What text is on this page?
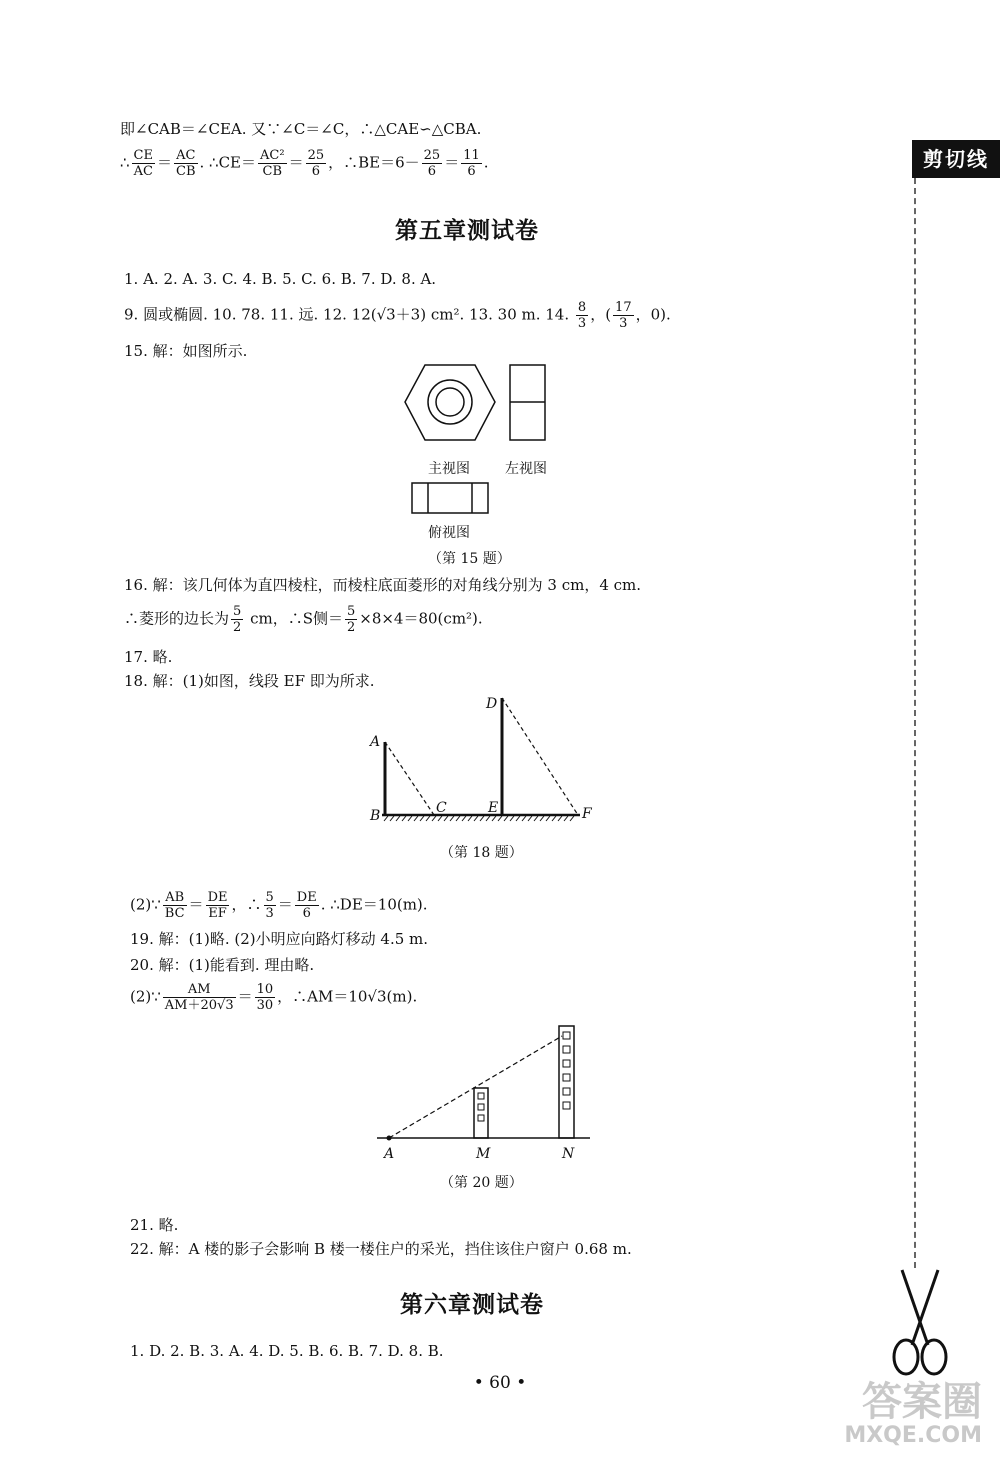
剪切线
即∠CAB＝∠CEA. 又∵∠C＝∠C，∴△CAE∽△CBA.
∴ $\frac{CE}{AC} = \frac{AC}{CB}$ . ∴CE＝ $\frac{\text{AC²}}{CB} = \frac{25}{6}$ ，∴BE＝6－ $\frac{25}{6} = \frac{11}{6}$ .
第五章测试卷
1. A. 2. A. 3. C. 4. B. 5. C. 6. B. 7. D. 8. A.
9. 圆或椭圆. 10. 78. 11. 远. 12. 12(√3＋3) cm². 13. 30 m. 14. $\frac{8}{3}$ ，( $\frac{17}{3}$ ，0).
15. 解：如图所示.
主视图	左视图
俯视图
（第 15 题）
16. 解：该几何体为直四棱柱，而棱柱底面菱形的对角线分别为 3 cm，4 cm.
∴菱形的边长为 $\frac{5}{2}$ cm，∴S侧＝ $\frac{5}{2} \times 8\times 4=80(cm^2)$.
17. 略.
18. 解：(1)如图，线段 EF 即为所求.
A
B	C
D
E	F
（第 18 题）
(2)∵ $\frac{AB}{BC} = \frac{DE}{EF}$ ，∴ $\frac{5}{3} = \frac{DE}{6}$ . ∴DE＝10(m).
19. 解：(1)略. (2)小明应向路灯移动 4.5 m.
20. 解：(1)能看到. 理由略.
(2)∵ $\frac{AM}{AM+20√3} = \frac{10}{30}$ ，∴AM＝10√3(m).
A	M	N
（第 20 题）
21. 略.
22. 解：A 楼的影子会影响 B 楼一楼住户的采光，挡住该住户窗户 0.68 m.
第六章测试卷
1. D. 2. B. 3. A. 4. D. 5. B. 6. B. 7. D. 8. B.
• 60 •	答案圈
MXQE.COM
